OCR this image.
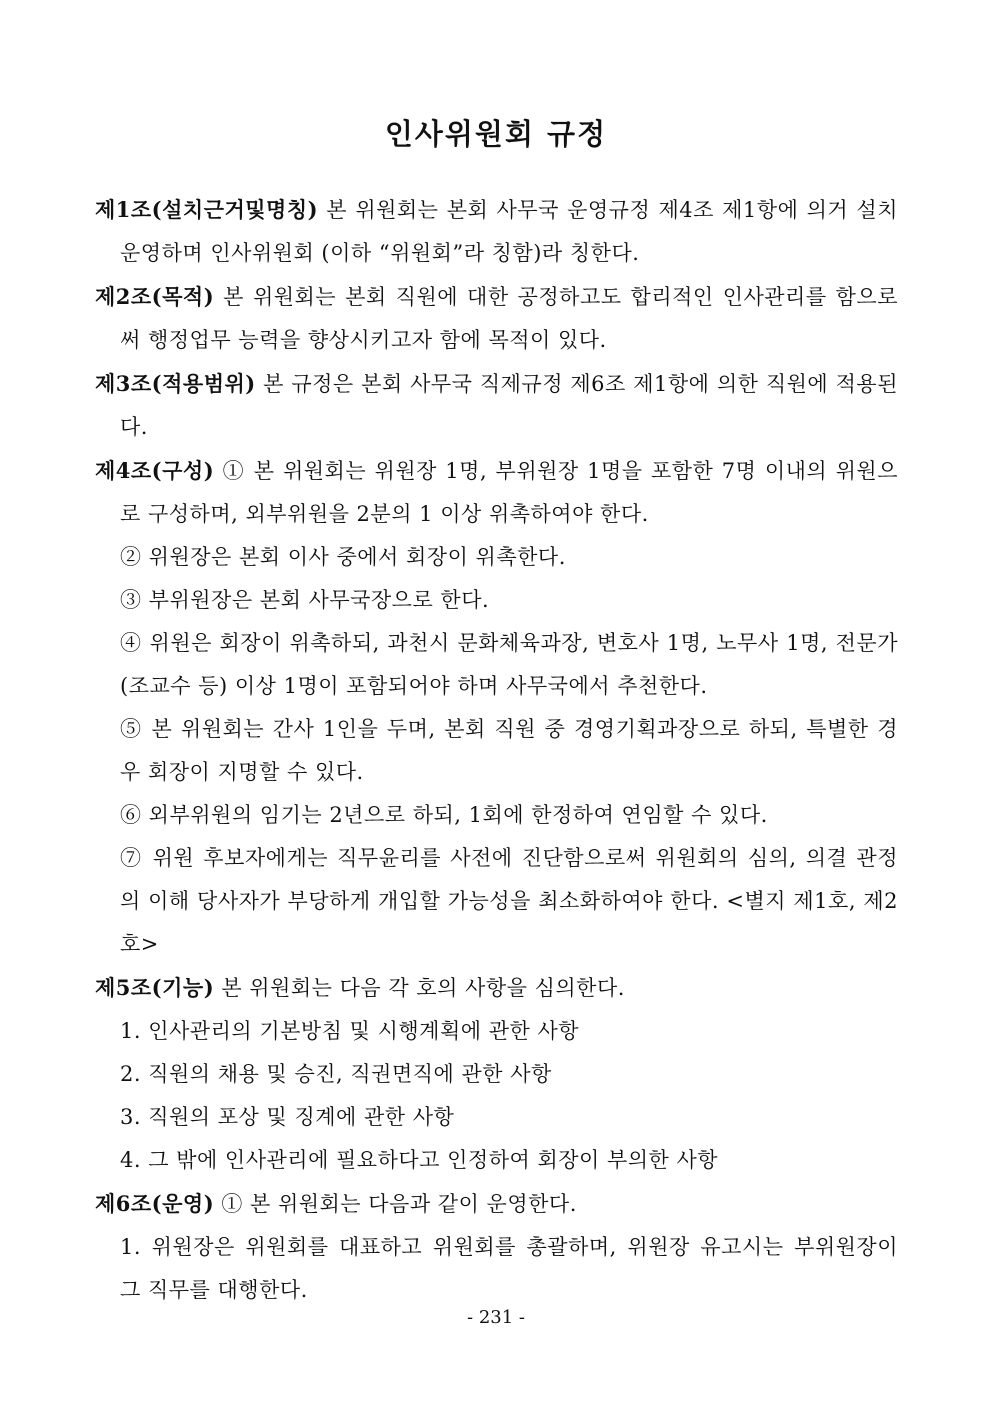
인사위원회 규정

제1조(설치근거및명칭) 본 위원회는 본회 사무국 운영규정 제4조 제1항에 의거 설치운영하며 인사위원회 (이하 “위원회”라 칭함)라 칭한다.

제2조(목적) 본 위원회는 본회 직원에 대한 공정하고도 합리적인 인사관리를 함으로써 행정업무 능력을 향상시키고자 함에 목적이 있다.

제3조(적용범위) 본 규정은 본회 사무국 직제규정 제6조 제1항에 의한 직원에 적용된다.

제4조(구성) ① 본 위원회는 위원장 1명, 부위원장 1명을 포함한 7명 이내의 위원으로 구성하며, 외부위원을 2분의 1 이상 위촉하여야 한다.

② 위원장은 본회 이사 중에서 회장이 위촉한다.

③ 부위원장은 본회 사무국장으로 한다.

④ 위원은 회장이 위촉하되, 과천시 문화체육과장, 변호사 1명, 노무사 1명, 전문가(조교수 등) 이상 1명이 포함되어야 하며 사무국에서 추천한다.

⑤ 본 위원회는 간사 1인을 두며, 본회 직원 중 경영기획과장으로 하되, 특별한 경우 회장이 지명할 수 있다.

⑥ 외부위원의 임기는 2년으로 하되, 1회에 한정하여 연임할 수 있다.

⑦ 위원 후보자에게는 직무윤리를 사전에 진단함으로써 위원회의 심의, 의결 관정의 이해 당사자가 부당하게 개입할 가능성을 최소화하여야 한다. <별지 제1호, 제2호>

제5조(기능) 본 위원회는 다음 각 호의 사항을 심의한다.

1. 인사관리의 기본방침 및 시행계획에 관한 사항

2. 직원의 채용 및 승진, 직권면직에 관한 사항

3. 직원의 포상 및 징계에 관한 사항

4. 그 밖에 인사관리에 필요하다고 인정하여 회장이 부의한 사항

제6조(운영) ① 본 위원회는 다음과 같이 운영한다.

1. 위원장은 위원회를 대표하고 위원회를 총괄하며, 위원장 유고시는 부위원장이 그 직무를 대행한다.

- 231 -
